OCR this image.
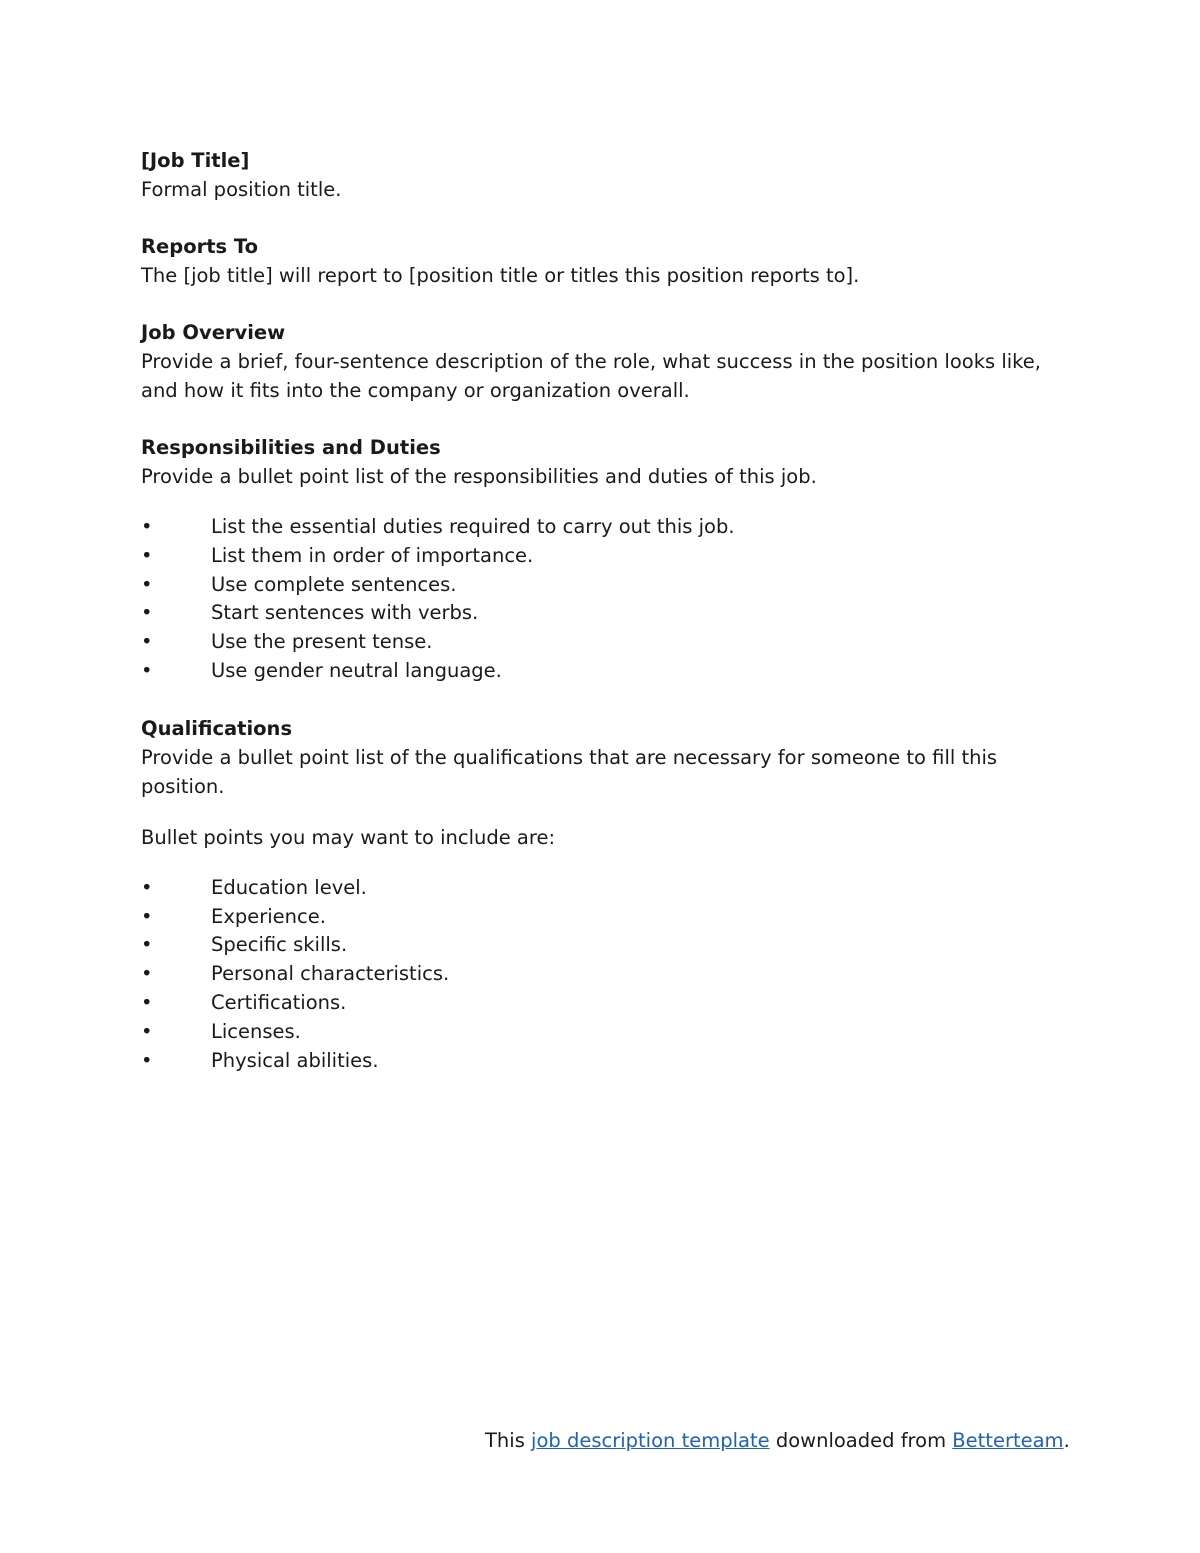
[Job Title]

Formal position title.

Reports To

The [job title] will report to [position title or titles this position reports to].

Job Overview

Provide a brief, four-sentence description of the role, what success in the position looks like, and how it fits into the company or organization overall.

Responsibilities and Duties

Provide a bullet point list of the responsibilities and duties of this job.

•	List the essential duties required to carry out this job.
•	List them in order of importance.
•	Use complete sentences.
•	Start sentences with verbs.
•	Use the present tense.
•	Use gender neutral language.

Qualifications

Provide a bullet point list of the qualifications that are necessary for someone to fill this position.

Bullet points you may want to include are:

•	Education level.
•	Experience.
•	Specific skills.
•	Personal characteristics.
•	Certifications.
•	Licenses.
•	Physical abilities.
This job description template downloaded from Betterteam.
